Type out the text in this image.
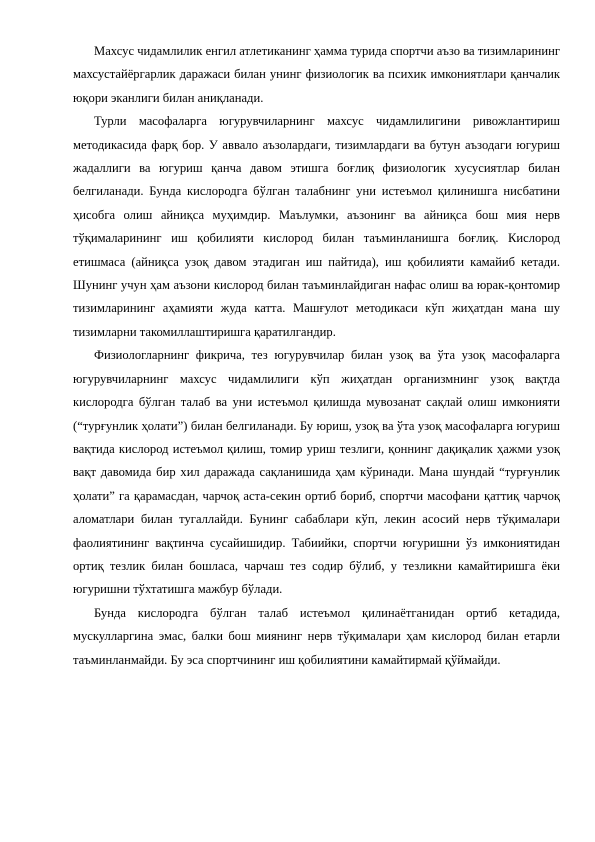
Махсус чидамлилик енгил атлетиканинг ҳамма турида спортчи аъзо ва тизимларининг махсустайёргарлик даражаси билан унинг физиологик ва психик имкониятлари қанчалик юқори эканлиги билан аниқланади.

Турли масофаларга югурувчиларнинг махсус чидамлилигини ривожлантириш методикасида фарқ бор. У аввало аъзолардаги, тизимлардаги ва бутун аъзодаги югуриш жадаллиги ва югуриш қанча давом этишга боғлиқ физиологик хусусиятлар билан белгиланади. Бунда кислородга бўлган талабнинг уни истеъмол қилинишга нисбатини ҳисобга олиш айниқса муҳимдир. Маълумки, аъзонинг ва айниқса бош мия нерв тўқималарининг иш қобилияти кислород билан таъминланишга боғлиқ. Кислород етишмаса (айниқса узоқ давом этадиган иш пайтида), иш қобилияти камайиб кетади. Шунинг учун ҳам аъзони кислород билан таъминлайдиган нафас олиш ва юрак-қонтомир тизимларининг аҳамияти жуда катта. Машғулот методикаси кўп жиҳатдан мана шу тизимларни такомиллаштиришга қаратилгандир.

Физиологларнинг фикрича, тез югурувчилар билан узоқ ва ўта узоқ масофаларга югурувчиларнинг махсус чидамлилиги кўп жиҳатдан организмнинг узоқ вақтда кислородга бўлган талаб ва уни истеъмол қилишда мувозанат сақлай олиш имконияти (“турғунлик ҳолати”) билан белгиланади. Бу юриш, узоқ ва ўта узоқ масофаларга югуриш вақтида кислород истеъмол қилиш, томир уриш тезлиги, қоннинг дақиқалик ҳажми узоқ вақт давомида бир хил даражада сақланишида ҳам кўринади. Мана шундай “турғунлик ҳолати” га қарамасдан, чарчоқ аста-секин ортиб бориб, спортчи масофани қаттиқ чарчоқ аломатлари билан тугаллайди. Бунинг сабаблари кўп, лекин асосий нерв тўқималари фаолиятининг вақтинча сусайишидир. Табиийки, спортчи югуришни ўз имкониятидан ортиқ тезлик билан бошласа, чарчаш тез содир бўлиб, у тезликни камайтиришга ёки югуришни тўхтатишга мажбур бўлади.

Бунда кислородга бўлган талаб истеъмол қилинаётганидан ортиб кетадида, мускулларгина эмас, балки бош миянинг нерв тўқималари ҳам кислород билан етарли таъминланмайди. Бу эса спортчининг иш қобилиятини камайтирмай қўймайди.
